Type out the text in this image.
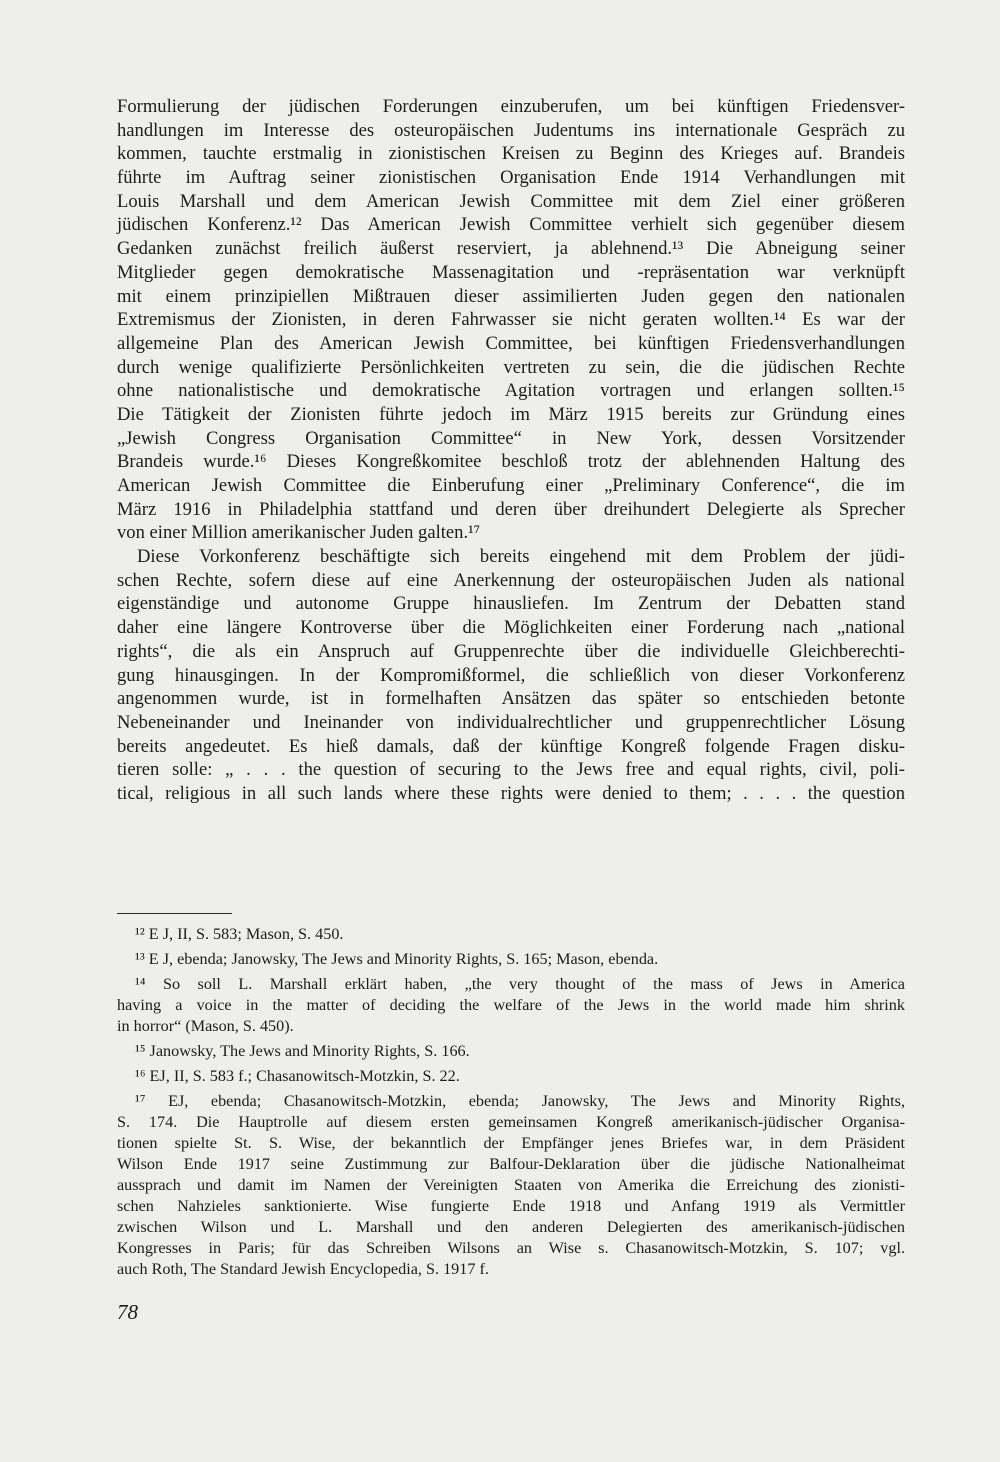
Formulierung der jüdischen Forderungen einzuberufen, um bei künftigen Friedensver-
handlungen im Interesse des osteuropäischen Judentums ins internationale Gespräch zu
kommen, tauchte erstmalig in zionistischen Kreisen zu Beginn des Krieges auf. Brandeis
führte im Auftrag seiner zionistischen Organisation Ende 1914 Verhandlungen mit
Louis Marshall und dem American Jewish Committee mit dem Ziel einer größeren
jüdischen Konferenz.¹² Das American Jewish Committee verhielt sich gegenüber diesem
Gedanken zunächst freilich äußerst reserviert, ja ablehnend.¹³ Die Abneigung seiner
Mitglieder gegen demokratische Massenagitation und -repräsentation war verknüpft
mit einem prinzipiellen Mißtrauen dieser assimilierten Juden gegen den nationalen
Extremismus der Zionisten, in deren Fahrwasser sie nicht geraten wollten.¹⁴ Es war der
allgemeine Plan des American Jewish Committee, bei künftigen Friedensverhandlungen
durch wenige qualifizierte Persönlichkeiten vertreten zu sein, die die jüdischen Rechte
ohne nationalistische und demokratische Agitation vortragen und erlangen sollten.¹⁵
Die Tätigkeit der Zionisten führte jedoch im März 1915 bereits zur Gründung eines
„Jewish Congress Organisation Committee“ in New York, dessen Vorsitzender
Brandeis wurde.¹⁶ Dieses Kongreßkomitee beschloß trotz der ablehnenden Haltung des
American Jewish Committee die Einberufung einer „Preliminary Conference“, die im
März 1916 in Philadelphia stattfand und deren über dreihundert Delegierte als Sprecher
von einer Million amerikanischer Juden galten.¹⁷
Diese Vorkonferenz beschäftigte sich bereits eingehend mit dem Problem der jüdi-
schen Rechte, sofern diese auf eine Anerkennung der osteuropäischen Juden als national
eigenständige und autonome Gruppe hinausliefen. Im Zentrum der Debatten stand
daher eine längere Kontroverse über die Möglichkeiten einer Forderung nach „national
rights“, die als ein Anspruch auf Gruppenrechte über die individuelle Gleichberechti-
gung hinausgingen. In der Kompromißformel, die schließlich von dieser Vorkonferenz
angenommen wurde, ist in formelhaften Ansätzen das später so entschieden betonte
Nebeneinander und Ineinander von individualrechtlicher und gruppenrechtlicher Lösung
bereits angedeutet. Es hieß damals, daß der künftige Kongreß folgende Fragen disku-
tieren solle: „ . . . the question of securing to the Jews free and equal rights, civil, poli-
tical, religious in all such lands where these rights were denied to them; . . . . the question
¹² E J, II, S. 583; Mason, S. 450.
¹³ E J, ebenda; Janowsky, The Jews and Minority Rights, S. 165; Mason, ebenda.
¹⁴ So soll L. Marshall erklärt haben, „the very thought of the mass of Jews in America
having a voice in the matter of deciding the welfare of the Jews in the world made him shrink
in horror“ (Mason, S. 450).
¹⁵ Janowsky, The Jews and Minority Rights, S. 166.
¹⁶ EJ, II, S. 583 f.; Chasanowitsch-Motzkin, S. 22.
¹⁷ EJ, ebenda; Chasanowitsch-Motzkin, ebenda; Janowsky, The Jews and Minority Rights,
S. 174. Die Hauptrolle auf diesem ersten gemeinsamen Kongreß amerikanisch-jüdischer Organisa-
tionen spielte St. S. Wise, der bekanntlich der Empfänger jenes Briefes war, in dem Präsident
Wilson Ende 1917 seine Zustimmung zur Balfour-Deklaration über die jüdische Nationalheimat
aussprach und damit im Namen der Vereinigten Staaten von Amerika die Erreichung des zionisti-
schen Nahzieles sanktionierte. Wise fungierte Ende 1918 und Anfang 1919 als Vermittler
zwischen Wilson und L. Marshall und den anderen Delegierten des amerikanisch-jüdischen
Kongresses in Paris; für das Schreiben Wilsons an Wise s. Chasanowitsch-Motzkin, S. 107; vgl.
auch Roth, The Standard Jewish Encyclopedia, S. 1917 f.
78
